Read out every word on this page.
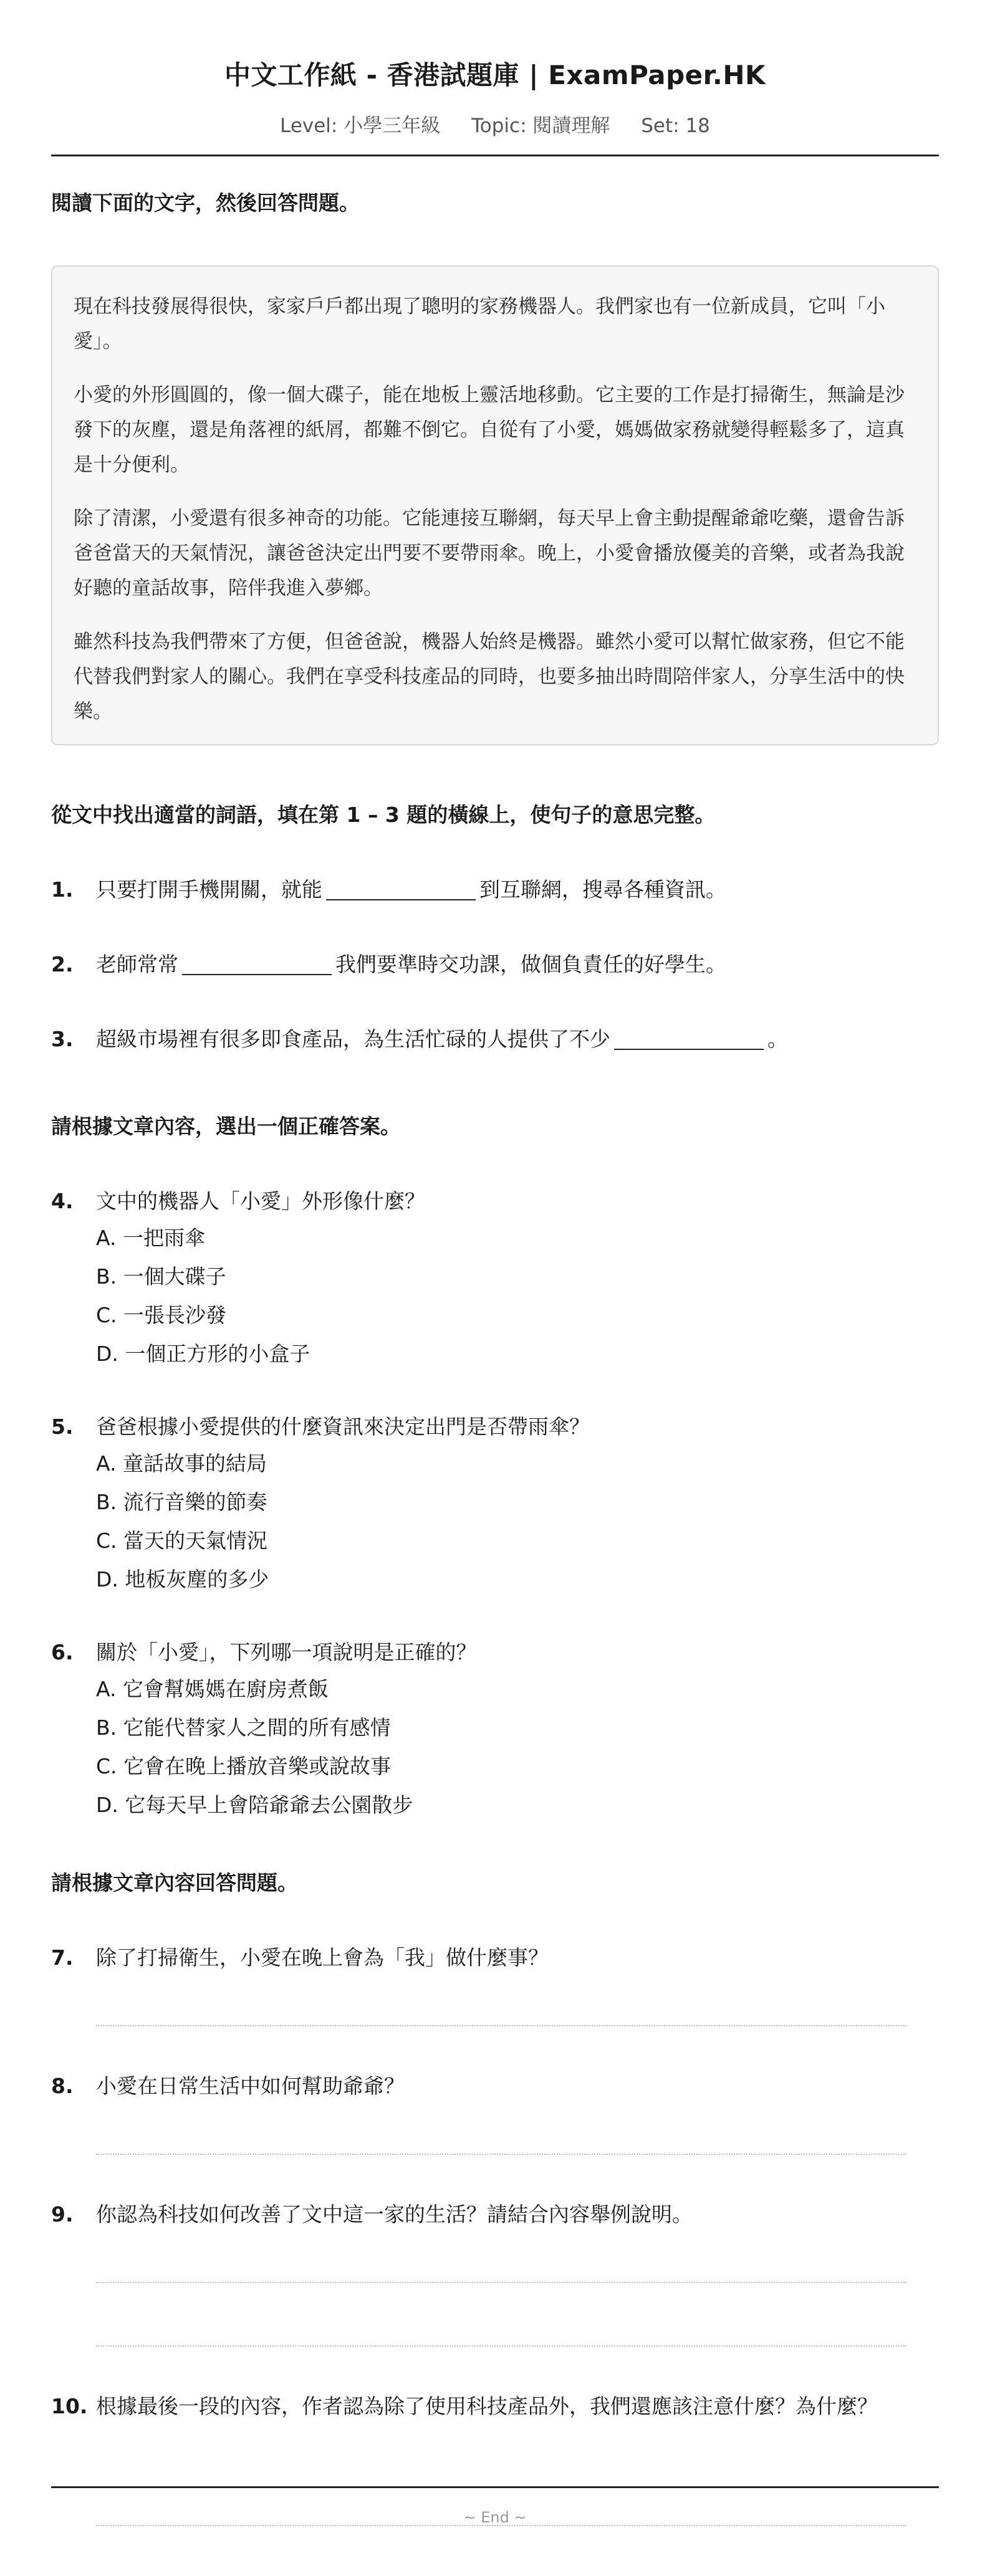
中文工作紙 - 香港試題庫 | ExamPaper.HK
Level: 小學三年級 Topic: 閱讀理解 Set: 18
閱讀下面的文字，然後回答問題。

現在科技發展得很快，家家戶戶都出現了聰明的家務機器人。我們家也有一位新成員，它叫「小愛」。

小愛的外形圓圓的，像一個大碟子，能在地板上靈活地移動。它主要的工作是打掃衛生，無論是沙發下的灰塵，還是角落裡的紙屑，都難不倒它。自從有了小愛，媽媽做家務就變得輕鬆多了，這真是十分便利。

除了清潔，小愛還有很多神奇的功能。它能連接互聯網，每天早上會主動提醒爺爺吃藥，還會告訴爸爸當天的天氣情況，讓爸爸決定出門要不要帶雨傘。晚上，小愛會播放優美的音樂，或者為我說好聽的童話故事，陪伴我進入夢鄉。

雖然科技為我們帶來了方便，但爸爸說，機器人始終是機器。雖然小愛可以幫忙做家務，但它不能代替我們對家人的關心。我們在享受科技產品的同時，也要多抽出時間陪伴家人，分享生活中的快樂。

從文中找出適當的詞語，填在第 1 – 3 題的橫線上，使句子的意思完整。
1. 只要打開手機開關，就能	到互聯網，搜尋各種資訊。
2. 老師常常	我們要準時交功課，做個負責任的好學生。
3. 超級市場裡有很多即食產品，為生活忙碌的人提供了不少	。
請根據文章內容，選出一個正確答案。
4. 文中的機器人「小愛」外形像什麼？
A. 一把雨傘
B. 一個大碟子
C. 一張長沙發
D. 一個正方形的小盒子
5. 爸爸根據小愛提供的什麼資訊來決定出門是否帶雨傘？
A. 童話故事的結局
B. 流行音樂的節奏
C. 當天的天氣情況
D. 地板灰塵的多少
6. 關於「小愛」，下列哪一項說明是正確的？
A. 它會幫媽媽在廚房煮飯
B. 它能代替家人之間的所有感情
C. 它會在晚上播放音樂或說故事
D. 它每天早上會陪爺爺去公園散步
請根據文章內容回答問題。
7. 除了打掃衛生，小愛在晚上會為「我」做什麼事？
8. 小愛在日常生活中如何幫助爺爺？
9. 你認為科技如何改善了文中這一家的生活？請結合內容舉例說明。
10. 根據最後一段的內容，作者認為除了使用科技產品外，我們還應該注意什麼？為什麼？
~ End ~
